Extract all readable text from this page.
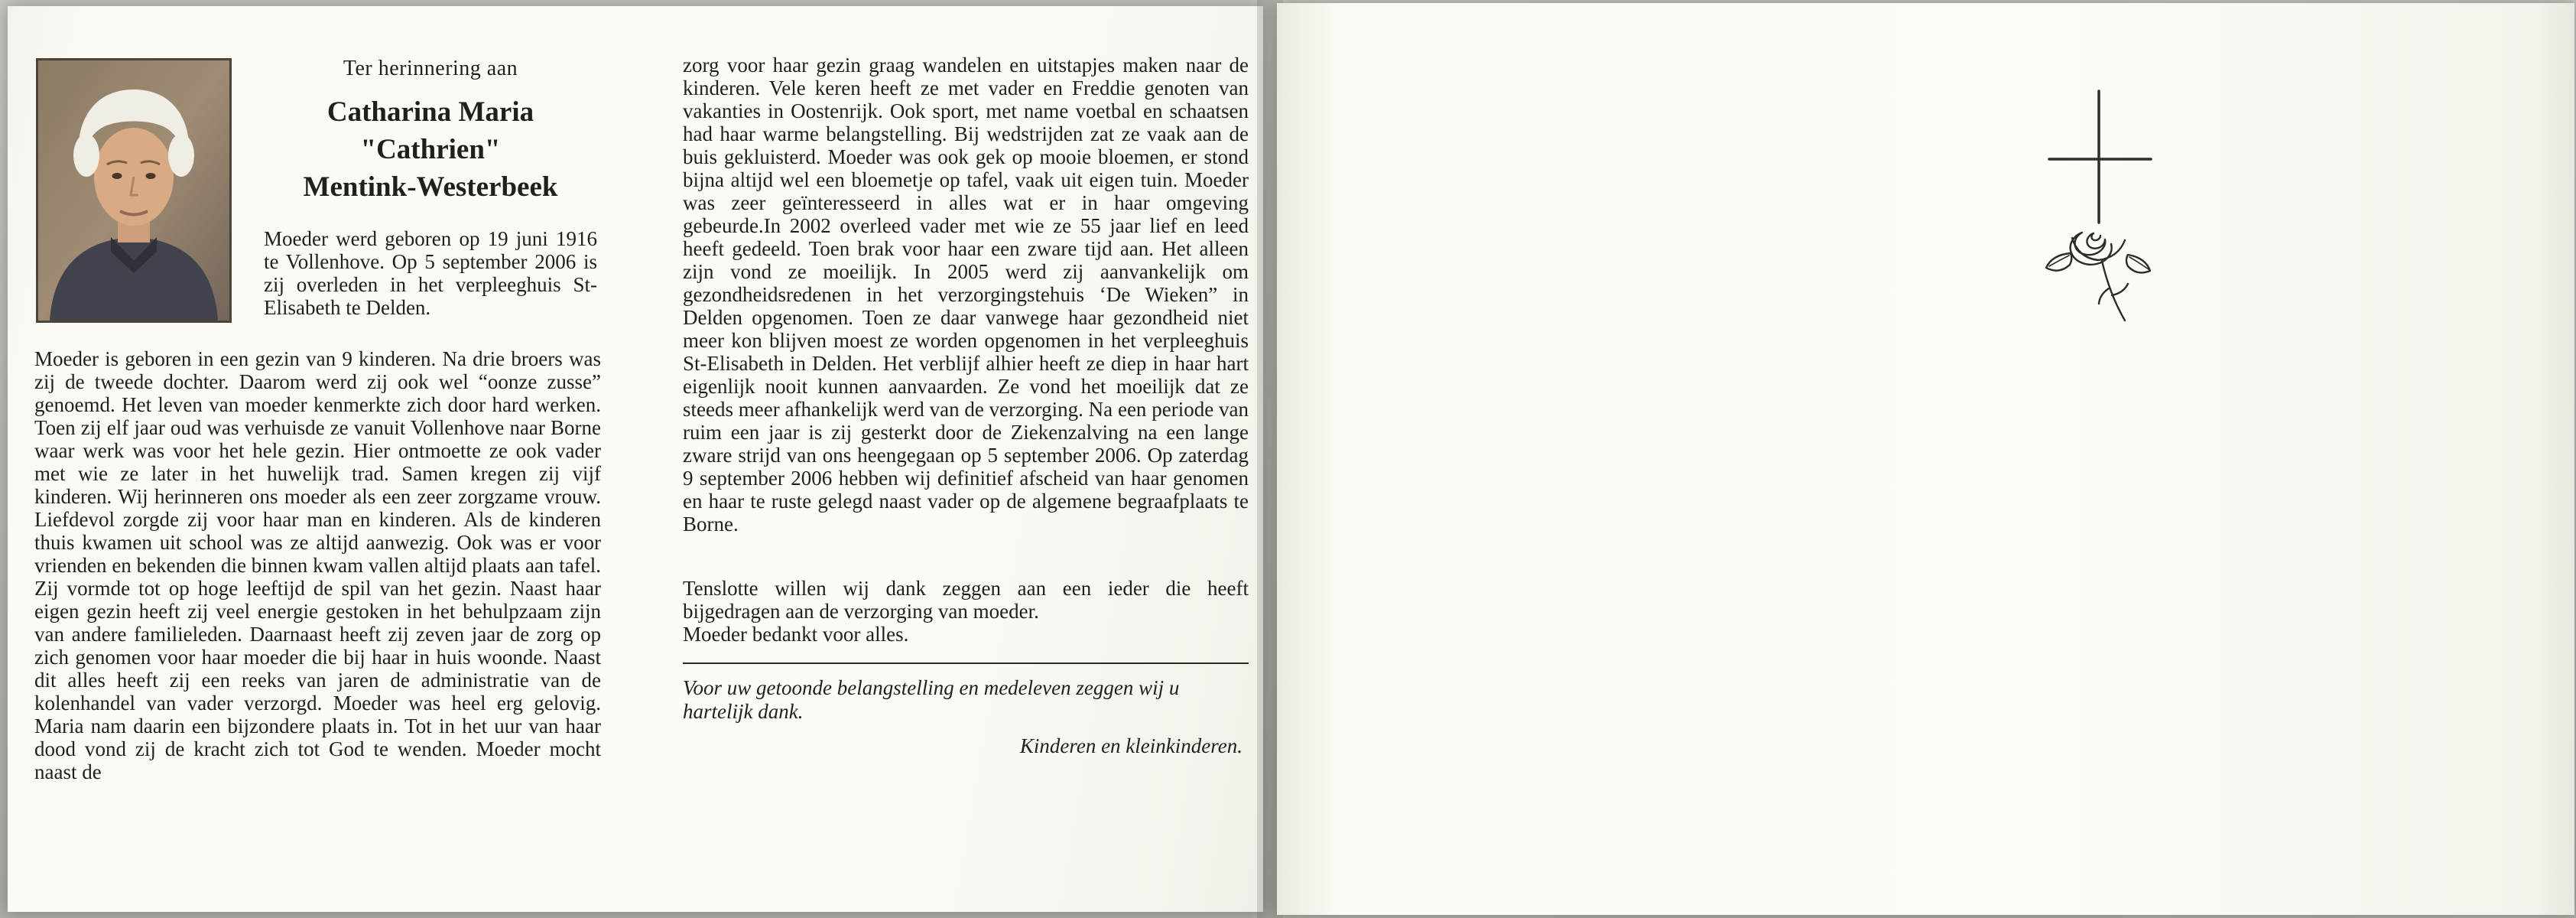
Ter herinnering aan

Catharina Maria
"Cathrien"
Mentink-Westerbeek

Moeder werd geboren op 19 juni 1916 te Vollenhove. Op 5 september 2006 is zij overleden in het verpleeghuis St-Elisabeth te Delden.

Moeder is geboren in een gezin van 9 kinderen. Na drie broers was zij de tweede dochter. Daarom werd zij ook wel “oonze zusse” genoemd. Het leven van moeder kenmerkte zich door hard werken. Toen zij elf jaar oud was verhuisde ze vanuit Vollenhove naar Borne waar werk was voor het hele gezin. Hier ontmoette ze ook vader met wie ze later in het huwelijk trad. Samen kregen zij vijf kinderen. Wij herinneren ons moeder als een zeer zorgzame vrouw. Liefdevol zorgde zij voor haar man en kinderen. Als de kinderen thuis kwamen uit school was ze altijd aanwezig. Ook was er voor vrienden en bekenden die binnen kwam vallen altijd plaats aan tafel. Zij vormde tot op hoge leeftijd de spil van het gezin. Naast haar eigen gezin heeft zij veel energie gestoken in het behulpzaam zijn van andere familieleden. Daarnaast heeft zij zeven jaar de zorg op zich genomen voor haar moeder die bij haar in huis woonde. Naast dit alles heeft zij een reeks van jaren de administratie van de kolenhandel van vader verzorgd. Moeder was heel erg gelovig. Maria nam daarin een bijzondere plaats in. Tot in het uur van haar dood vond zij de kracht zich tot God te wenden. Moeder mocht naast de

zorg voor haar gezin graag wandelen en uitstapjes maken naar de kinderen. Vele keren heeft ze met vader en Freddie genoten van vakanties in Oostenrijk. Ook sport, met name voetbal en schaatsen had haar warme belangstelling. Bij wedstrijden zat ze vaak aan de buis gekluisterd. Moeder was ook gek op mooie bloemen, er stond bijna altijd wel een bloemetje op tafel, vaak uit eigen tuin. Moeder was zeer geïnteresseerd in alles wat er in haar omgeving gebeurde.In 2002 overleed vader met wie ze 55 jaar lief en leed heeft gedeeld. Toen brak voor haar een zware tijd aan. Het alleen zijn vond ze moeilijk. In 2005 werd zij aanvankelijk om gezondheidsredenen in het verzorgingstehuis ‘De Wieken” in Delden opgenomen. Toen ze daar vanwege haar gezondheid niet meer kon blijven moest ze worden opgenomen in het verpleeghuis St-Elisabeth in Delden. Het verblijf alhier heeft ze diep in haar hart eigenlijk nooit kunnen aanvaarden. Ze vond het moeilijk dat ze steeds meer afhankelijk werd van de verzorging. Na een periode van ruim een jaar is zij gesterkt door de Ziekenzalving na een lange zware strijd van ons heengegaan op 5 september 2006. Op zaterdag 9 september 2006 hebben wij definitief afscheid van haar genomen en haar te ruste gelegd naast vader op de algemene begraafplaats te Borne.

Tenslotte willen wij dank zeggen aan een ieder die heeft bijgedragen aan de verzorging van moeder.

Moeder bedankt voor alles.

Voor uw getoonde belangstelling en medeleven zeggen wij u hartelijk dank.

Kinderen en kleinkinderen.
